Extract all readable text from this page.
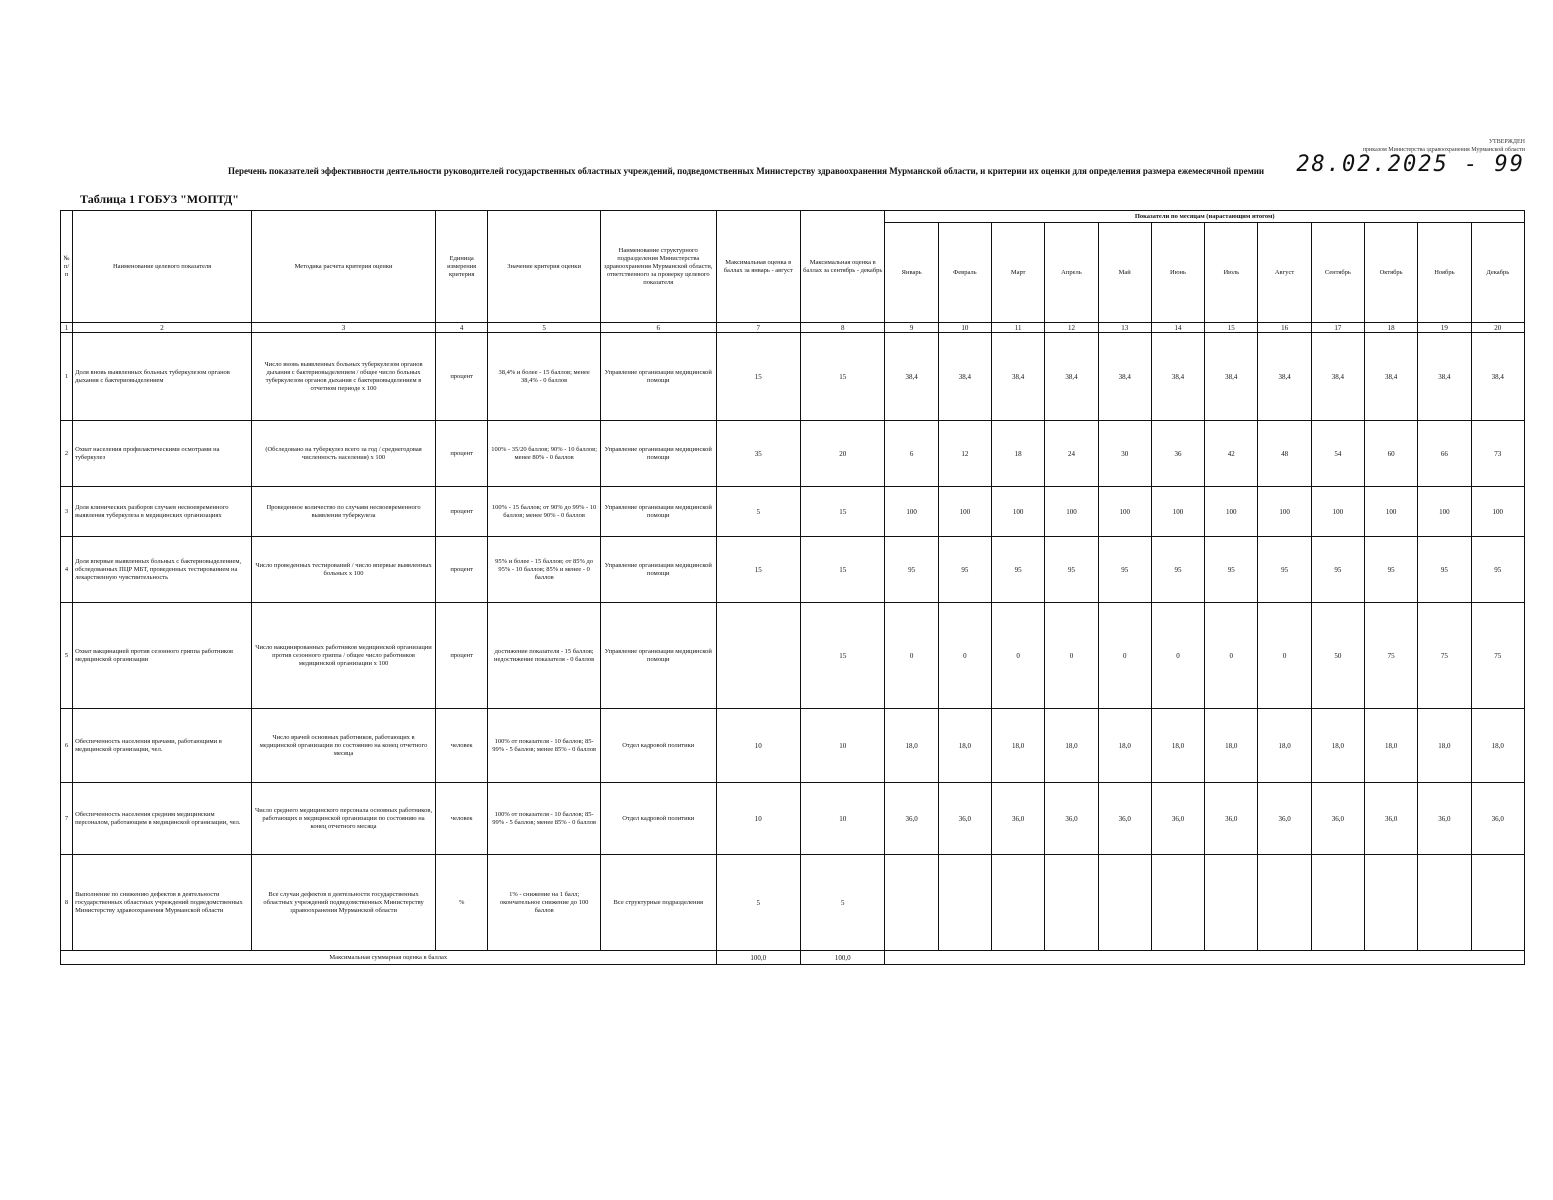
УТВЕРЖДЕН
приказом Министерства здравоохранения Мурманской области
28.02.2025 - 99
Перечень показателей эффективности деятельности руководителей государственных областных учреждений, подведомственных Министерству здравоохранения Мурманской области, и критерии их оценки для определения размера ежемесячной премии
Таблица 1 ГОБУЗ "МОПТД"
№ п/п	Наименование целевого показателя	Методика расчета критерия оценки	Единица измерения критерия	Значение критерия оценки	Наименование структурного подразделения Министерства здравоохранения Мурманской области, ответственного за проверку целевого показателя	Максимальная оценка в баллах за январь - август	Максимальная оценка в баллах за сентябрь - декабрь	Показатели по месяцам (нарастающим итогом)											
								Январь	Февраль	Март	Апрель	Май	Июнь	Июль	Август	Сентябрь	Октябрь	Ноябрь	Декабрь
1	2	3	4	5	6	7	8	9	10	11	12	13	14	15	16	17	18	19	20
1	Доля вновь выявленных больных туберкулезом органов дыхания с бактериовыделением	Число вновь выявленных больных туберкулезом органов дыхания с бактериовыделением / общее число больных туберкулезом органов дыхания с бактериовыделением в отчетном периоде х 100	процент	38,4% и более - 15 баллов; менее 38,4% - 0 баллов	Управление организации медицинской помощи	15	15	38,4	38,4	38,4	38,4	38,4	38,4	38,4	38,4	38,4	38,4	38,4	38,4
2	Охват населения профилактическими осмотрами на туберкулез	(Обследовано на туберкулез всего за год / среднегодовая численность населения) х 100	процент	100% - 35/20 баллов; 90% - 10 баллов; менее 80% - 0 баллов	Управление организации медицинской помощи	35	20	6	12	18	24	30	36	42	48	54	60	66	73
3	Доля клинических разборов случаев несвоевременного выявления туберкулеза в медицинских организациях	Проведенное количество по случаям несвоевременного выявления туберкулеза	процент	100% - 15 баллов; от 90% до 99% - 10 баллов; менее 90% - 0 баллов	Управление организации медицинской помощи	5	15	100	100	100	100	100	100	100	100	100	100	100	100
4	Доля впервые выявленных больных с бактериовыделением, обследованных ПЦР МБТ, проведенных тестированием на лекарственную чувствительность	Число проведенных тестирований / число впервые выявленных больных х 100	процент	95% и более - 15 баллов; от 85% до 95% - 10 баллов; 85% и менее - 0 баллов	Управление организации медицинской помощи	15	15	95	95	95	95	95	95	95	95	95	95	95	95
5	Охват вакцинацией против сезонного гриппа работников медицинской организации	Число вакцинированных работников медицинской организации против сезонного гриппа / общее число работников медицинской организации х 100	процент	достижение показателя - 15 баллов; недостижение показателя - 0 баллов	Управление организации медицинской помощи		15	0	0	0	0	0	0	0	0	50	75	75	75
6	Обеспеченность населения врачами, работающими в медицинской организации, чел.	Число врачей основных работников, работающих в медицинской организации по состоянию на конец отчетного месяца	человек	100% от показателя - 10 баллов; 85-99% - 5 баллов; менее 85% - 0 баллов	Отдел кадровой политики	10	10	18,0	18,0	18,0	18,0	18,0	18,0	18,0	18,0	18,0	18,0	18,0	18,0
7	Обеспеченность населения средним медицинским персоналом, работающим в медицинской организации, чел.	Число среднего медицинского персонала основных работников, работающих в медицинской организации по состоянию на конец отчетного месяца	человек	100% от показателя - 10 баллов; 85-99% - 5 баллов; менее 85% - 0 баллов	Отдел кадровой политики	10	10	36,0	36,0	36,0	36,0	36,0	36,0	36,0	36,0	36,0	36,0	36,0	36,0
8	Выполнение по снижению дефектов в деятельности государственных областных учреждений подведомственных Министерству здравоохранения Мурманской области	Все случаи дефектов в деятельности государственных областных учреждений подведомственных Министерству здравоохранения Мурманской области	%	1% - снижение на 1 балл; окончательное снижение до 100 баллов	Все структурные подразделения	5	5												
Максимальная суммарная оценка в баллах						100,0	100,0												
